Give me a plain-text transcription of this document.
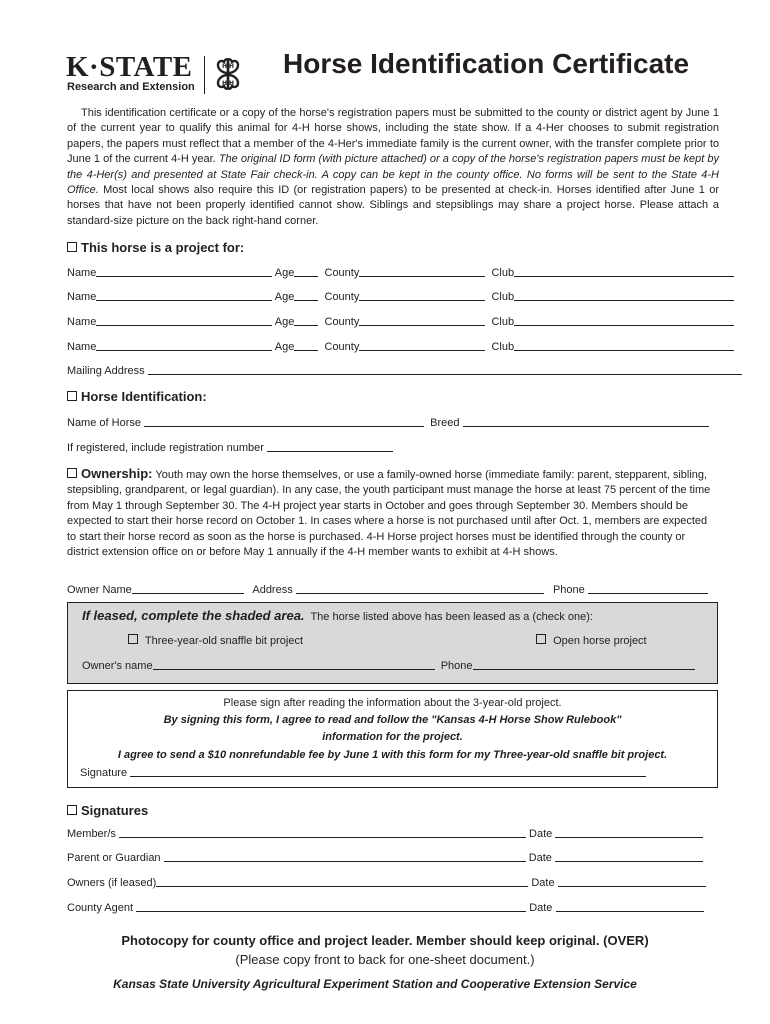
K·STATE
Research and Extension
H H
H H
Horse Identification Certificate
This identification certificate or a copy of the horse's registration papers must be submitted to the county or district agent by June 1 of the current year to qualify this animal for 4-H horse shows, including the state show. If a 4-Her chooses to submit registration papers, the papers must reflect that a member of the 4-Her's immediate family is the current owner, with the transfer complete prior to June 1 of the current 4-H year. The original ID form (with picture attached) or a copy of the horse's registration papers must be kept by the 4-Her(s) and presented at State Fair check-in. A copy can be kept in the county office. No forms will be sent to the State 4-H Office. Most local shows also require this ID (or registration papers) to be presented at check-in. Horses identified after June 1 or horses that have not been properly identified cannot show. Siblings and stepsiblings may share a project horse. Please attach a standard-size picture on the back right-hand corner.
This horse is a project for:
Name	Age	County	Club
Name	Age	County	Club
Name	Age	County	Club
Name	Age	County	Club
Mailing Address
Horse Identification:
Name of Horse	Breed
If registered, include registration number
Ownership: Youth may own the horse themselves, or use a family-owned horse (immediate family: parent, stepparent, sibling, stepsibling, grandparent, or legal guardian). In any case, the youth participant must manage the horse at least 75 percent of the time from May 1 through September 30. The 4-H project year starts in October and goes through September 30. Members should be expected to start their horse record on October 1. In cases where a horse is not purchased until after Oct. 1, members are expected to start their horse record as soon as the horse is purchased. 4-H Horse project horses must be identified through the county or district extension office on or before May 1 annually if the 4-H member wants to exhibit at 4-H shows.
Owner Name	Address	Phone
If leased, complete the shaded area. The horse listed above has been leased as a (check one):
Three-year-old snaffle bit project	Open horse project
Owner's name	Phone
Please sign after reading the information about the 3-year-old project.
By signing this form, I agree to read and follow the "Kansas 4-H Horse Show Rulebook"
information for the project.
I agree to send a $10 nonrefundable fee by June 1 with this form for my Three-year-old snaffle bit project.
Signature
Signatures
Member/s	Date
Parent or Guardian	Date
Owners (if leased)	Date
County Agent	Date
Photocopy for county office and project leader. Member should keep original. (OVER)
(Please copy front to back for one-sheet document.)
Kansas State University Agricultural Experiment Station and Cooperative Extension Service
